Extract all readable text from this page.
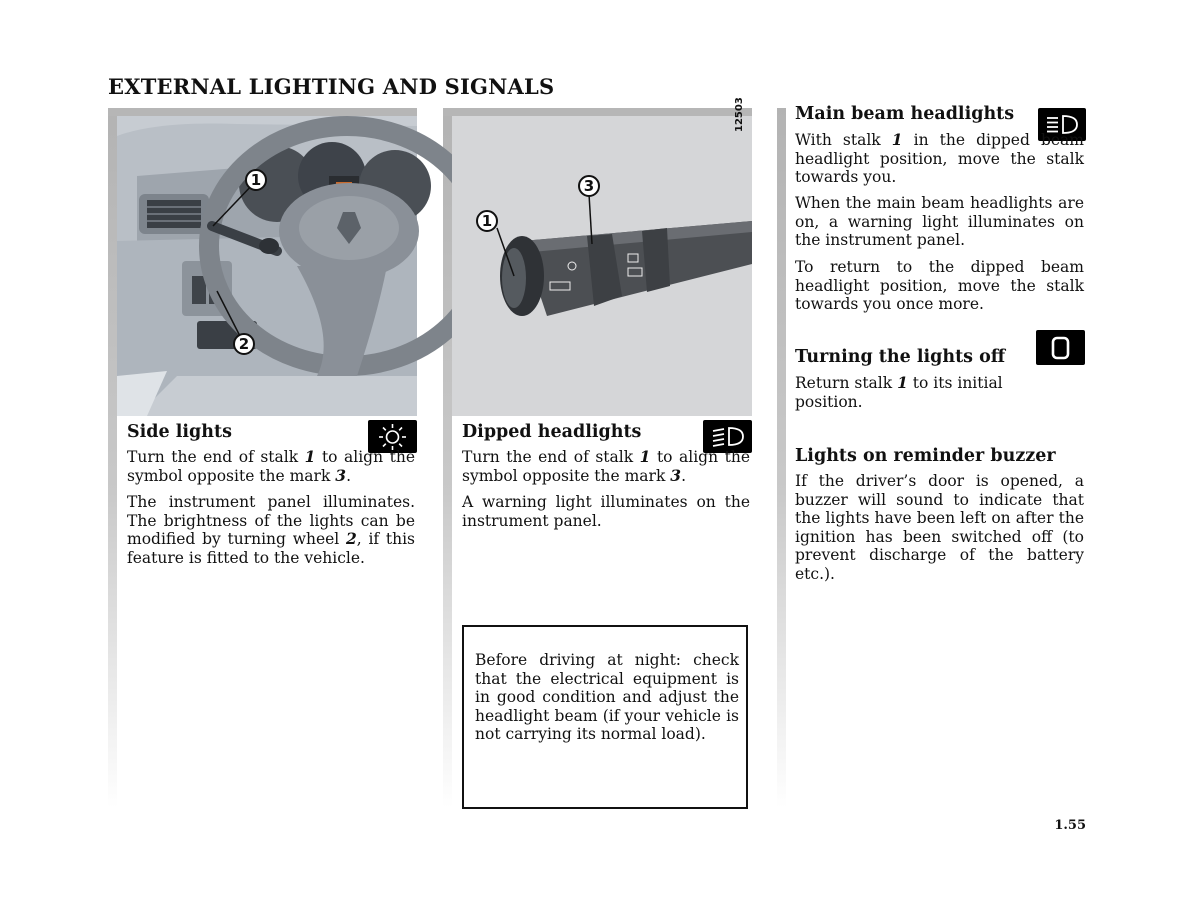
EXTERNAL LIGHTING AND SIGNALS
1
2
1
3
12503
Side lights

Turn the end of stalk 1 to align the symbol opposite the mark 3.

The instrument panel illuminates. The brightness of the lights can be modified by turning wheel 2, if this feature is fitted to the vehicle.

Dipped headlights

Turn the end of stalk 1 to align the symbol opposite the mark 3.

A warning light illuminates on the instrument panel.

Before driving at night: check that the electrical equipment is in good condition and adjust the headlight beam (if your vehicle is not carrying its normal load).

Main beam headlights

With stalk 1 in the dipped beam headlight position, move the stalk towards you.

When the main beam headlights are on, a warning light illuminates on the instrument panel.

To return to the dipped beam headlight position, move the stalk towards you once more.

Turning the lights off

Return stalk 1 to its initial position.

Lights on reminder buzzer

If the driver’s door is opened, a buzzer will sound to indicate that the lights have been left on after the ignition has been switched off (to prevent discharge of the battery etc.).

1.55
